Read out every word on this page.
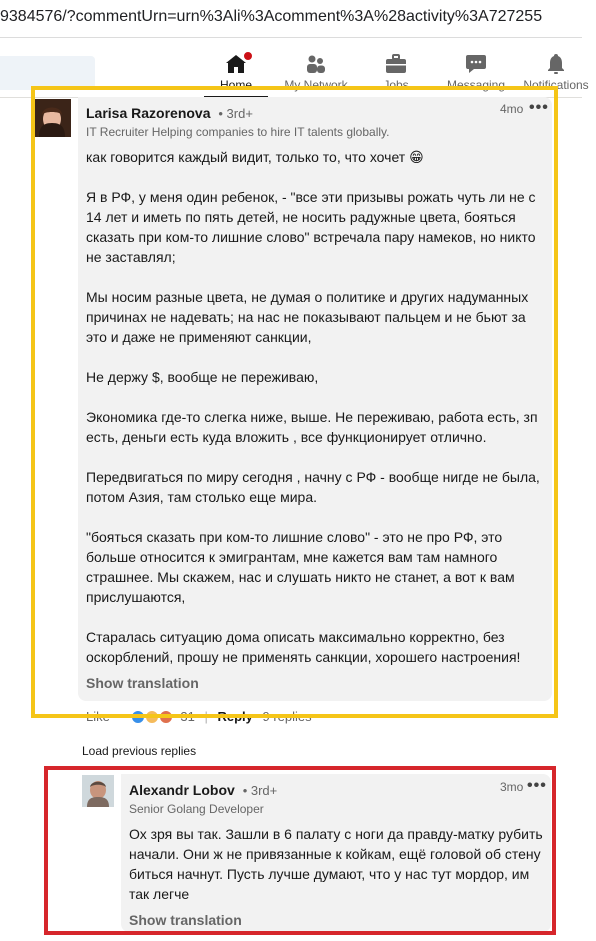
9384576/?commentUrn=urn%3Ali%3Acomment%3A%28activity%3A727255
Home	My Network	Jobs	Messaging	Notifications
Larisa Razorenova • 3rd+	4mo •••
IT Recruiter Helping companies to hire IT talents globally.

как говорится каждый видит, только то, что хочет 😁

Я в РФ, у меня один ребенок, - "все эти призывы рожать чуть ли не с 14 лет и иметь по пять детей, не носить радужные цвета, бояться сказать при ком-то лишние слово" встречала пару намеков, но никто не заставлял;

Мы носим разные цвета, не думая о политике и других надуманных причинах не надевать; на нас не показывают пальцем и не бьют за это и даже не применяют санкции,

Не держу $, вообще не переживаю,

Экономика где-то слегка ниже, выше. Не переживаю, работа есть, зп есть, деньги есть куда вложить , все функционирует отлично.

Передвигаться по миру сегодня , начну с РФ - вообще нигде не была, потом Азия, там столько еще мира.

"бояться сказать при ком-то лишние слово" - это не про РФ, это больше относится к эмигрантам, мне кажется вам там намного страшнее. Мы скажем, нас и слушать никто не станет, а вот к вам прислушаются,

Старалась ситуацию дома описать максимально корректно, без оскорблений, прошу не применять санкции, хорошего настроения!

Show translation
Like	31 | Reply 9 replies
Load previous replies
Alexandr Lobov • 3rd+	3mo •••
Senior Golang Developer
Ох зря вы так. Зашли в 6 палату с ноги да правду-матку рубить начали. Они ж не привязанные к койкам, ещё головой об стену биться начнут. Пусть лучше думают, что у нас тут мордор, им так легче
Show translation
